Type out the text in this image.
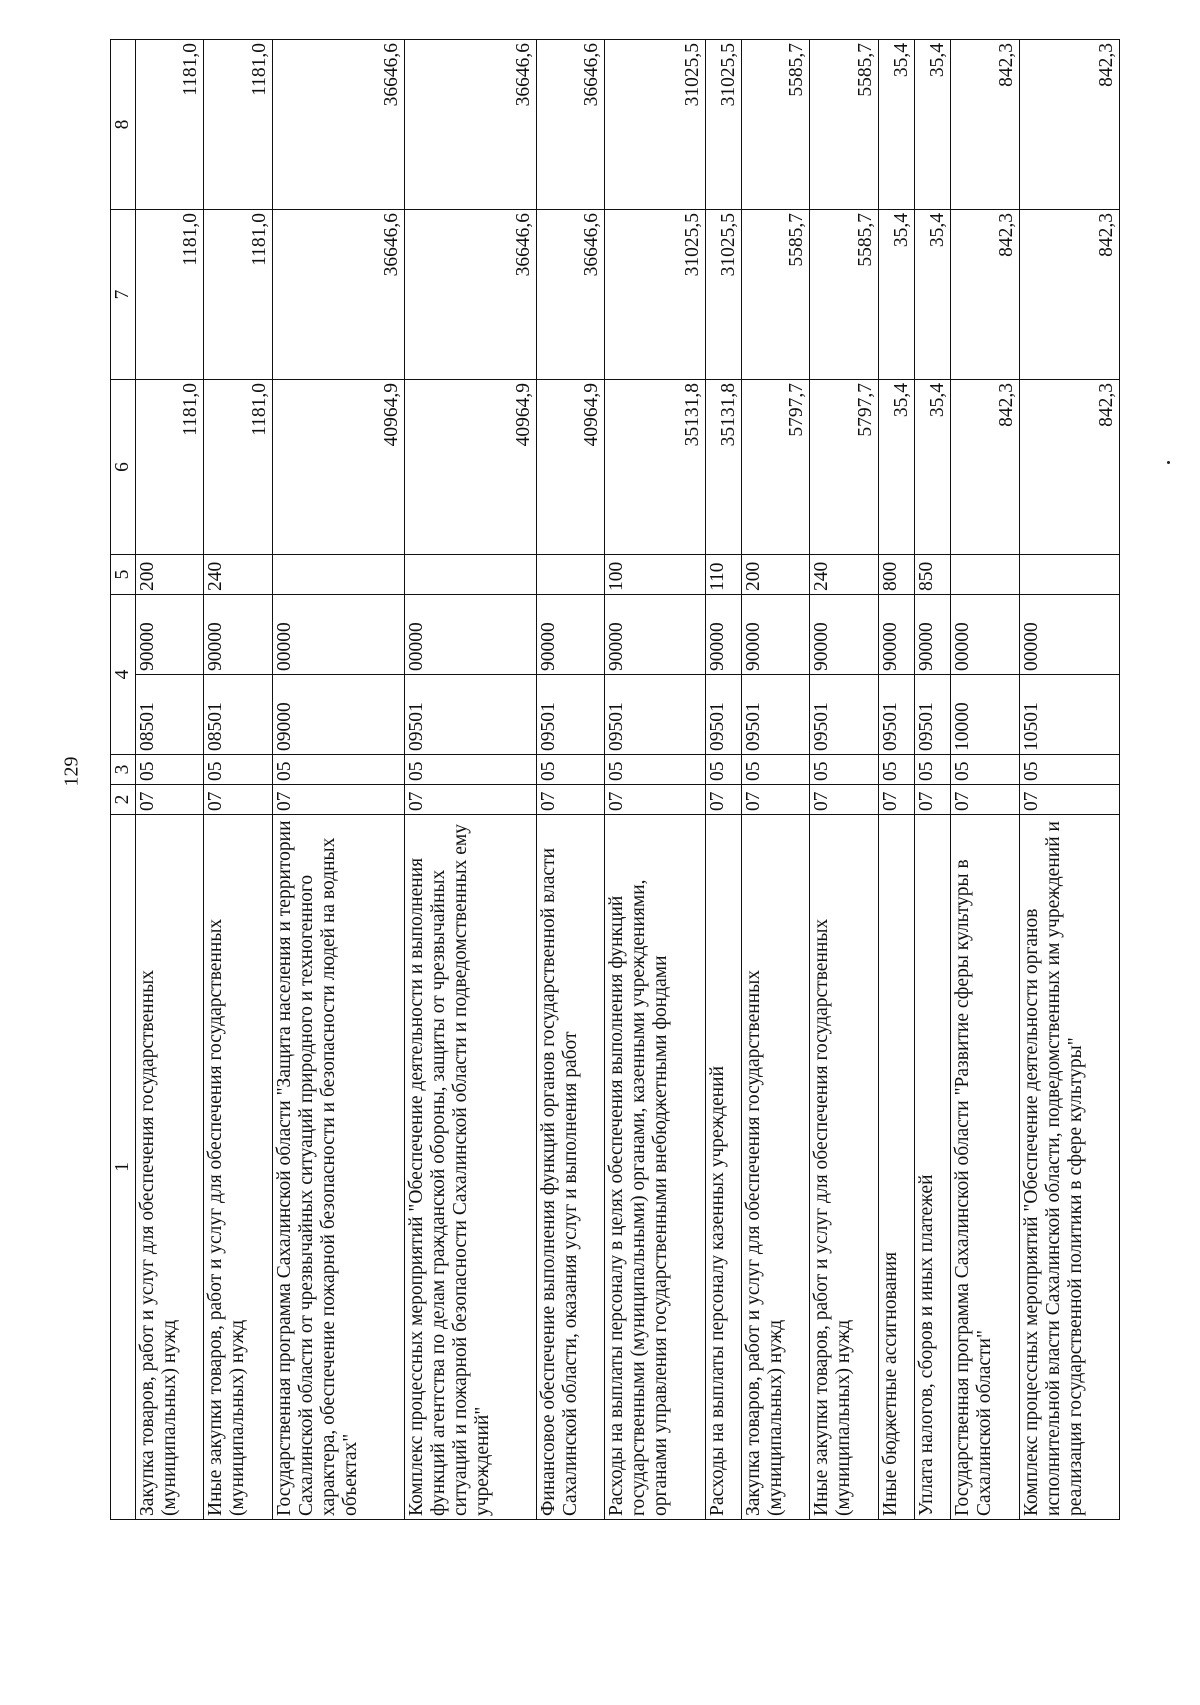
129
1	2	3	4		5	6	7	8
Закупка товаров, работ и услуг для обеспечения государственных (муниципальных) нужд	07	05	08501	90000	200	1181,0	1181,0	1181,0
Иные закупки товаров, работ и услуг для обеспечения государственных (муниципальных) нужд	07	05	08501	90000	240	1181,0	1181,0	1181,0
Государственная программа Сахалинской области "Защита населения и территории Сахалинской области от чрезвычайных ситуаций природного и техногенного характера, обеспечение пожарной безопасности и безопасности людей на водных объектах"	07	05	09000	00000		40964,9	36646,6	36646,6
Комплекс процессных мероприятий "Обеспечение деятельности и выполнения функций агентства по делам гражданской обороны, защиты от чрезвычайных ситуаций и пожарной безопасности Сахалинской области и подведомственных ему учреждений"	07	05	09501	00000		40964,9	36646,6	36646,6
Финансовое обеспечение выполнения функций органов государственной власти Сахалинской области, оказания услуг и выполнения работ	07	05	09501	90000		40964,9	36646,6	36646,6
Расходы на выплаты персоналу в целях обеспечения выполнения функций государственными (муниципальными) органами, казенными учреждениями, органами управления государственными внебюджетными фондами	07	05	09501	90000	100	35131,8	31025,5	31025,5
Расходы на выплаты персоналу казенных учреждений	07	05	09501	90000	110	35131,8	31025,5	31025,5
Закупка товаров, работ и услуг для обеспечения государственных (муниципальных) нужд	07	05	09501	90000	200	5797,7	5585,7	5585,7
Иные закупки товаров, работ и услуг для обеспечения государственных (муниципальных) нужд	07	05	09501	90000	240	5797,7	5585,7	5585,7
Иные бюджетные ассигнования	07	05	09501	90000	800	35,4	35,4	35,4
Уплата налогов, сборов и иных платежей	07	05	09501	90000	850	35,4	35,4	35,4
Государственная программа Сахалинской области "Развитие сферы культуры в Сахалинской области"	07	05	10000	00000		842,3	842,3	842,3
Комплекс процессных мероприятий "Обеспечение деятельности органов исполнительной власти Сахалинской области, подведомственных им учреждений и реализация государственной политики в сфере культуры"	07	05	10501	00000		842,3	842,3	842,3
